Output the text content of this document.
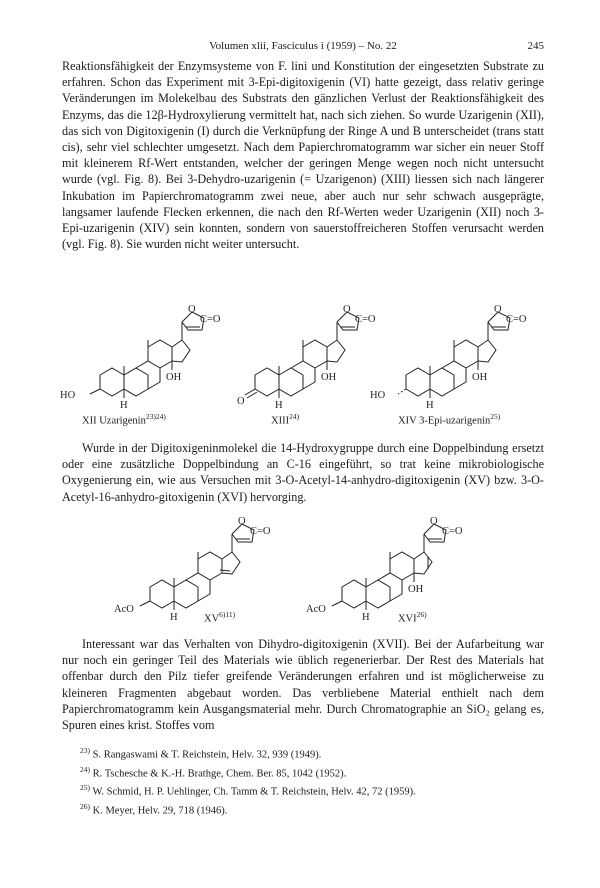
Volumen xlii, Fasciculus i (1959) – No. 22	245

Reaktionsfähigkeit der Enzymsysteme von F. lini und Konstitution der eingesetzten Substrate zu erfahren. Schon das Experiment mit 3-Epi-digitoxigenin (VI) hatte gezeigt, dass relativ geringe Veränderungen im Molekelbau des Substrats den gänzlichen Verlust der Reaktionsfähigkeit des Enzyms, das die 12β-Hydroxylierung vermittelt hat, nach sich ziehen. So wurde Uzarigenin (XII), das sich von Digitoxigenin (I) durch die Verknüpfung der Ringe A und B unterscheidet (trans statt cis), sehr viel schlechter umgesetzt. Nach dem Papierchromatogramm war sicher ein neuer Stoff mit kleinerem Rf-Wert entstanden, welcher der geringen Menge wegen noch nicht untersucht wurde (vgl. Fig. 8). Bei 3-Dehydro-uzarigenin (= Uzarigenon) (XIII) liessen sich nach längerer Inkubation im Papierchromatogramm zwei neue, aber auch nur sehr schwach ausgeprägte, langsamer laufende Flecken erkennen, die nach den Rf-Werten weder Uzarigenin (XII) noch 3-Epi-uzarigenin (XIV) sein konnten, sondern von sauerstoffreicheren Stoffen verursacht werden (vgl. Fig. 8). Sie wurden nicht weiter untersucht.

O
C=O
OH
H
HO
O
C=O
OH
H
O
O
C=O
OH
H
HO
XII Uzarigenin$^{23)24)}$	XIII$^{24)}$	XIV 3-Epi-uzarigenin$^{25)}$

Wurde in der Digitoxigeninmolekel die 14-Hydroxygruppe durch eine Doppelbindung ersetzt oder eine zusätzliche Doppelbindung an C-16 eingeführt, so trat keine mikrobiologische Oxygenierung ein, wie aus Versuchen mit 3-O-Acetyl-14-anhydro-digitoxigenin (XV) bzw. 3-O-Acetyl-16-anhydro-gitoxigenin (XVI) hervorging.

O
C=O
H
AcO
$XV^{6)11)}$
O
C=O
OH
H
AcO
XVI$^{26)}$

Interessant war das Verhalten von Dihydro-digitoxigenin (XVII). Bei der Aufarbeitung war nur noch ein geringer Teil des Materials wie üblich regenerierbar. Der Rest des Materials hat offenbar durch den Pilz tiefer greifende Veränderungen erfahren und ist möglicherweise zu kleineren Fragmenten abgebaut worden. Das verbliebene Material enthielt nach dem Papierchromatogramm kein Ausgangsmaterial mehr. Durch Chromatographie an SiO₂ gelang es, Spuren eines krist. Stoffes vom

$^{23)}$ S. Rangaswami & T. Reichstein, Helv. 32, 939 (1949).
$^{24)}$ R. Tschesche & K.-H. Brathge, Chem. Ber. 85, 1042 (1952).
$^{25)}$ W. Schmid, H. P. Uehlinger, Ch. Tamm & T. Reichstein, Helv. 42, 72 (1959).
$^{26)}$ K. Meyer, Helv. 29, 718 (1946).
